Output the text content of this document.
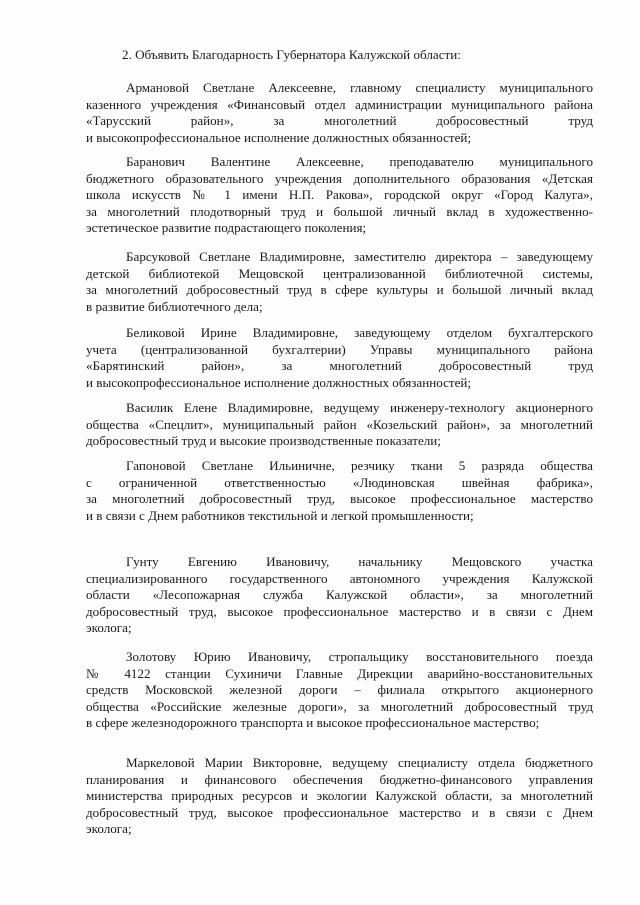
2. Объявить Благодарность Губернатора Калужской области:
Армановой Светлане Алексеевне, главному специалисту муниципального
казенного учреждения «Финансовый отдел администрации муниципального района
«Тарусский район», за многолетний добросовестный труд
и высокопрофессиональное исполнение должностных обязанностей;
Баранович Валентине Алексеевне, преподавателю муниципального
бюджетного образовательного учреждения дополнительного образования «Детская
школа искусств № 1 имени Н.П. Ракова», городской округ «Город Калуга»,
за многолетний плодотворный труд и большой личный вклад в художественно-
эстетическое развитие подрастающего поколения;
Барсуковой Светлане Владимировне, заместителю директора – заведующему
детской библиотекой Мещовской централизованной библиотечной системы,
за многолетний добросовестный труд в сфере культуры и большой личный вклад
в развитие библиотечного дела;
Беликовой Ирине Владимировне, заведующему отделом бухгалтерского
учета (централизованной бухгалтерии) Управы муниципального района
«Барятинский район», за многолетний добросовестный труд
и высокопрофессиональное исполнение должностных обязанностей;
Василик Елене Владимировне, ведущему инженеру-технологу акционерного
общества «Спецлит», муниципальный район «Козельский район», за многолетний
добросовестный труд и высокие производственные показатели;
Гапоновой Светлане Ильиничне, резчику ткани 5 разряда общества
с ограниченной ответственностью «Людиновская швейная фабрика»,
за многолетний добросовестный труд, высокое профессиональное мастерство
и в связи с Днем работников текстильной и легкой промышленности;
Гунту Евгению Ивановичу, начальнику Мещовского участка
специализированного государственного автономного учреждения Калужской
области «Лесопожарная служба Калужской области», за многолетний
добросовестный труд, высокое профессиональное мастерство и в связи с Днем
эколога;
Золотову Юрию Ивановичу, стропальщику восстановительного поезда
№ 4122 станции Сухиничи Главные Дирекции аварийно-восстановительных
средств Московской железной дороги – филиала открытого акционерного
общества «Российские железные дороги», за многолетний добросовестный труд
в сфере железнодорожного транспорта и высокое профессиональное мастерство;
Маркеловой Марии Викторовне, ведущему специалисту отдела бюджетного
планирования и финансового обеспечения бюджетно-финансового управления
министерства природных ресурсов и экологии Калужской области, за многолетний
добросовестный труд, высокое профессиональное мастерство и в связи с Днем
эколога;
